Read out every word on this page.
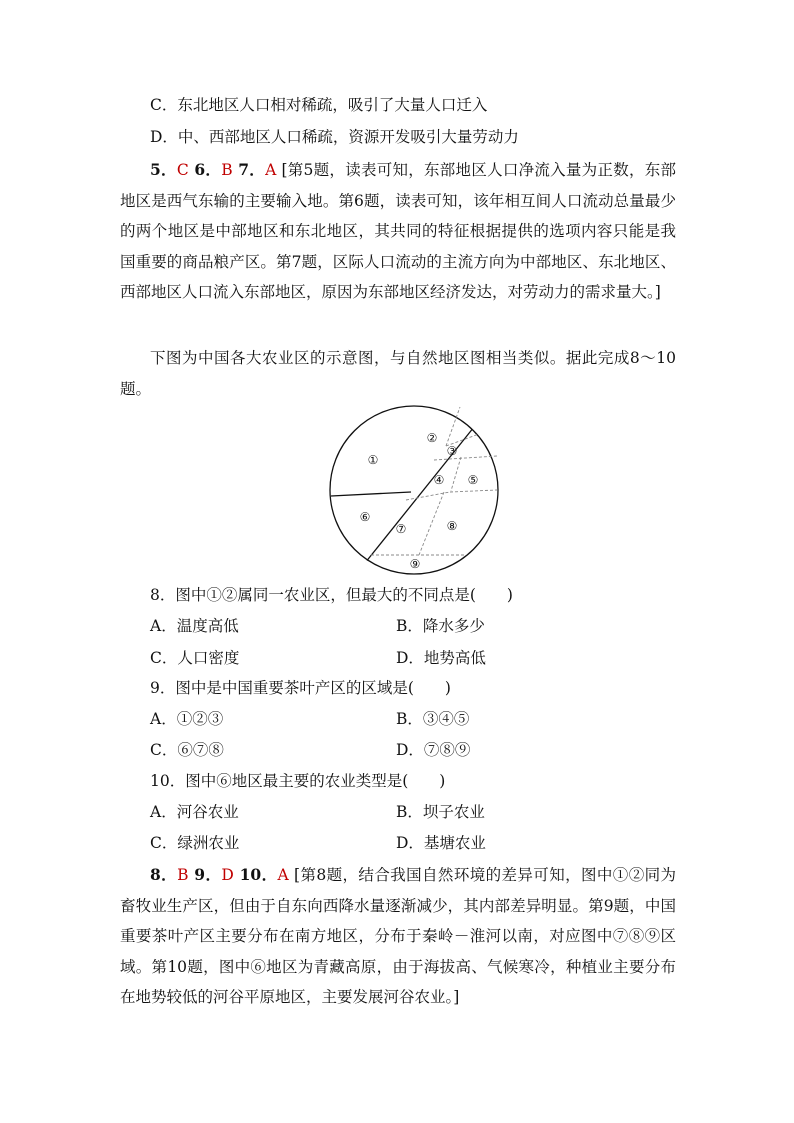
C．东北地区人口相对稀疏，吸引了大量人口迁入
D．中、西部地区人口稀疏，资源开发吸引大量劳动力
5．C 6．B 7．A [第5题，读表可知，东部地区人口净流入量为正数，东部地区是西气东输的主要输入地。第6题，读表可知，该年相互间人口流动总量最少的两个地区是中部地区和东北地区，其共同的特征根据提供的选项内容只能是我国重要的商品粮产区。第7题，区际人口流动的主流方向为中部地区、东北地区、西部地区人口流入东部地区，原因为东部地区经济发达，对劳动力的需求量大。]
下图为中国各大农业区的示意图，与自然地区图相当类似。据此完成8～10题。
①
②
③
④ ⑤
⑥
⑦	⑧
⑨
8．图中①②属同一农业区，但最大的不同点是(　　)
A．温度高低	B．降水多少
C．人口密度	D．地势高低
9．图中是中国重要茶叶产区的区域是(　　)
A．①②③	B．③④⑤
C．⑥⑦⑧	D．⑦⑧⑨
10．图中⑥地区最主要的农业类型是(　　)
A．河谷农业	B．坝子农业
C．绿洲农业	D．基塘农业
8．B 9．D 10．A [第8题，结合我国自然环境的差异可知，图中①②同为畜牧业生产区，但由于自东向西降水量逐渐减少，其内部差异明显。第9题，中国重要茶叶产区主要分布在南方地区，分布于秦岭－淮河以南，对应图中⑦⑧⑨区域。第10题，图中⑥地区为青藏高原，由于海拔高、气候寒冷，种植业主要分布在地势较低的河谷平原地区，主要发展河谷农业。]
